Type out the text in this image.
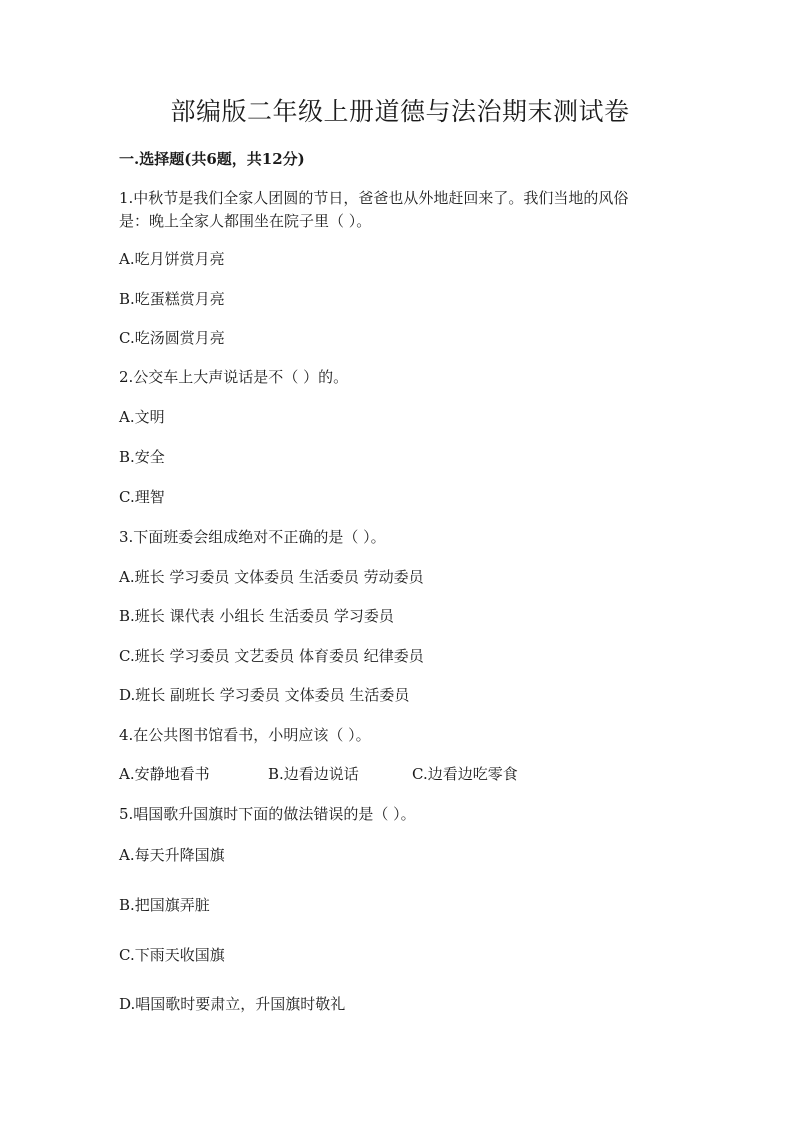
部编版二年级上册道德与法治期末测试卷
一.选择题(共6题，共12分)
1.中秋节是我们全家人团圆的节日，爸爸也从外地赶回来了。我们当地的风俗
是：晚上全家人都围坐在院子里（ ）。
A.吃月饼赏月亮
B.吃蛋糕赏月亮
C.吃汤圆赏月亮
2.公交车上大声说话是不（ ）的。
A.文明
B.安全
C.理智
3.下面班委会组成绝对不正确的是（ ）。
A.班长 学习委员 文体委员 生活委员 劳动委员
B.班长 课代表 小组长 生活委员 学习委员
C.班长 学习委员 文艺委员 体育委员 纪律委员
D.班长 副班长 学习委员 文体委员 生活委员
4.在公共图书馆看书，小明应该（ ）。
A.安静地看书	B.边看边说话	C.边看边吃零食
5.唱国歌升国旗时下面的做法错误的是（ ）。
A.每天升降国旗
B.把国旗弄脏
C.下雨天收国旗
D.唱国歌时要肃立，升国旗时敬礼
